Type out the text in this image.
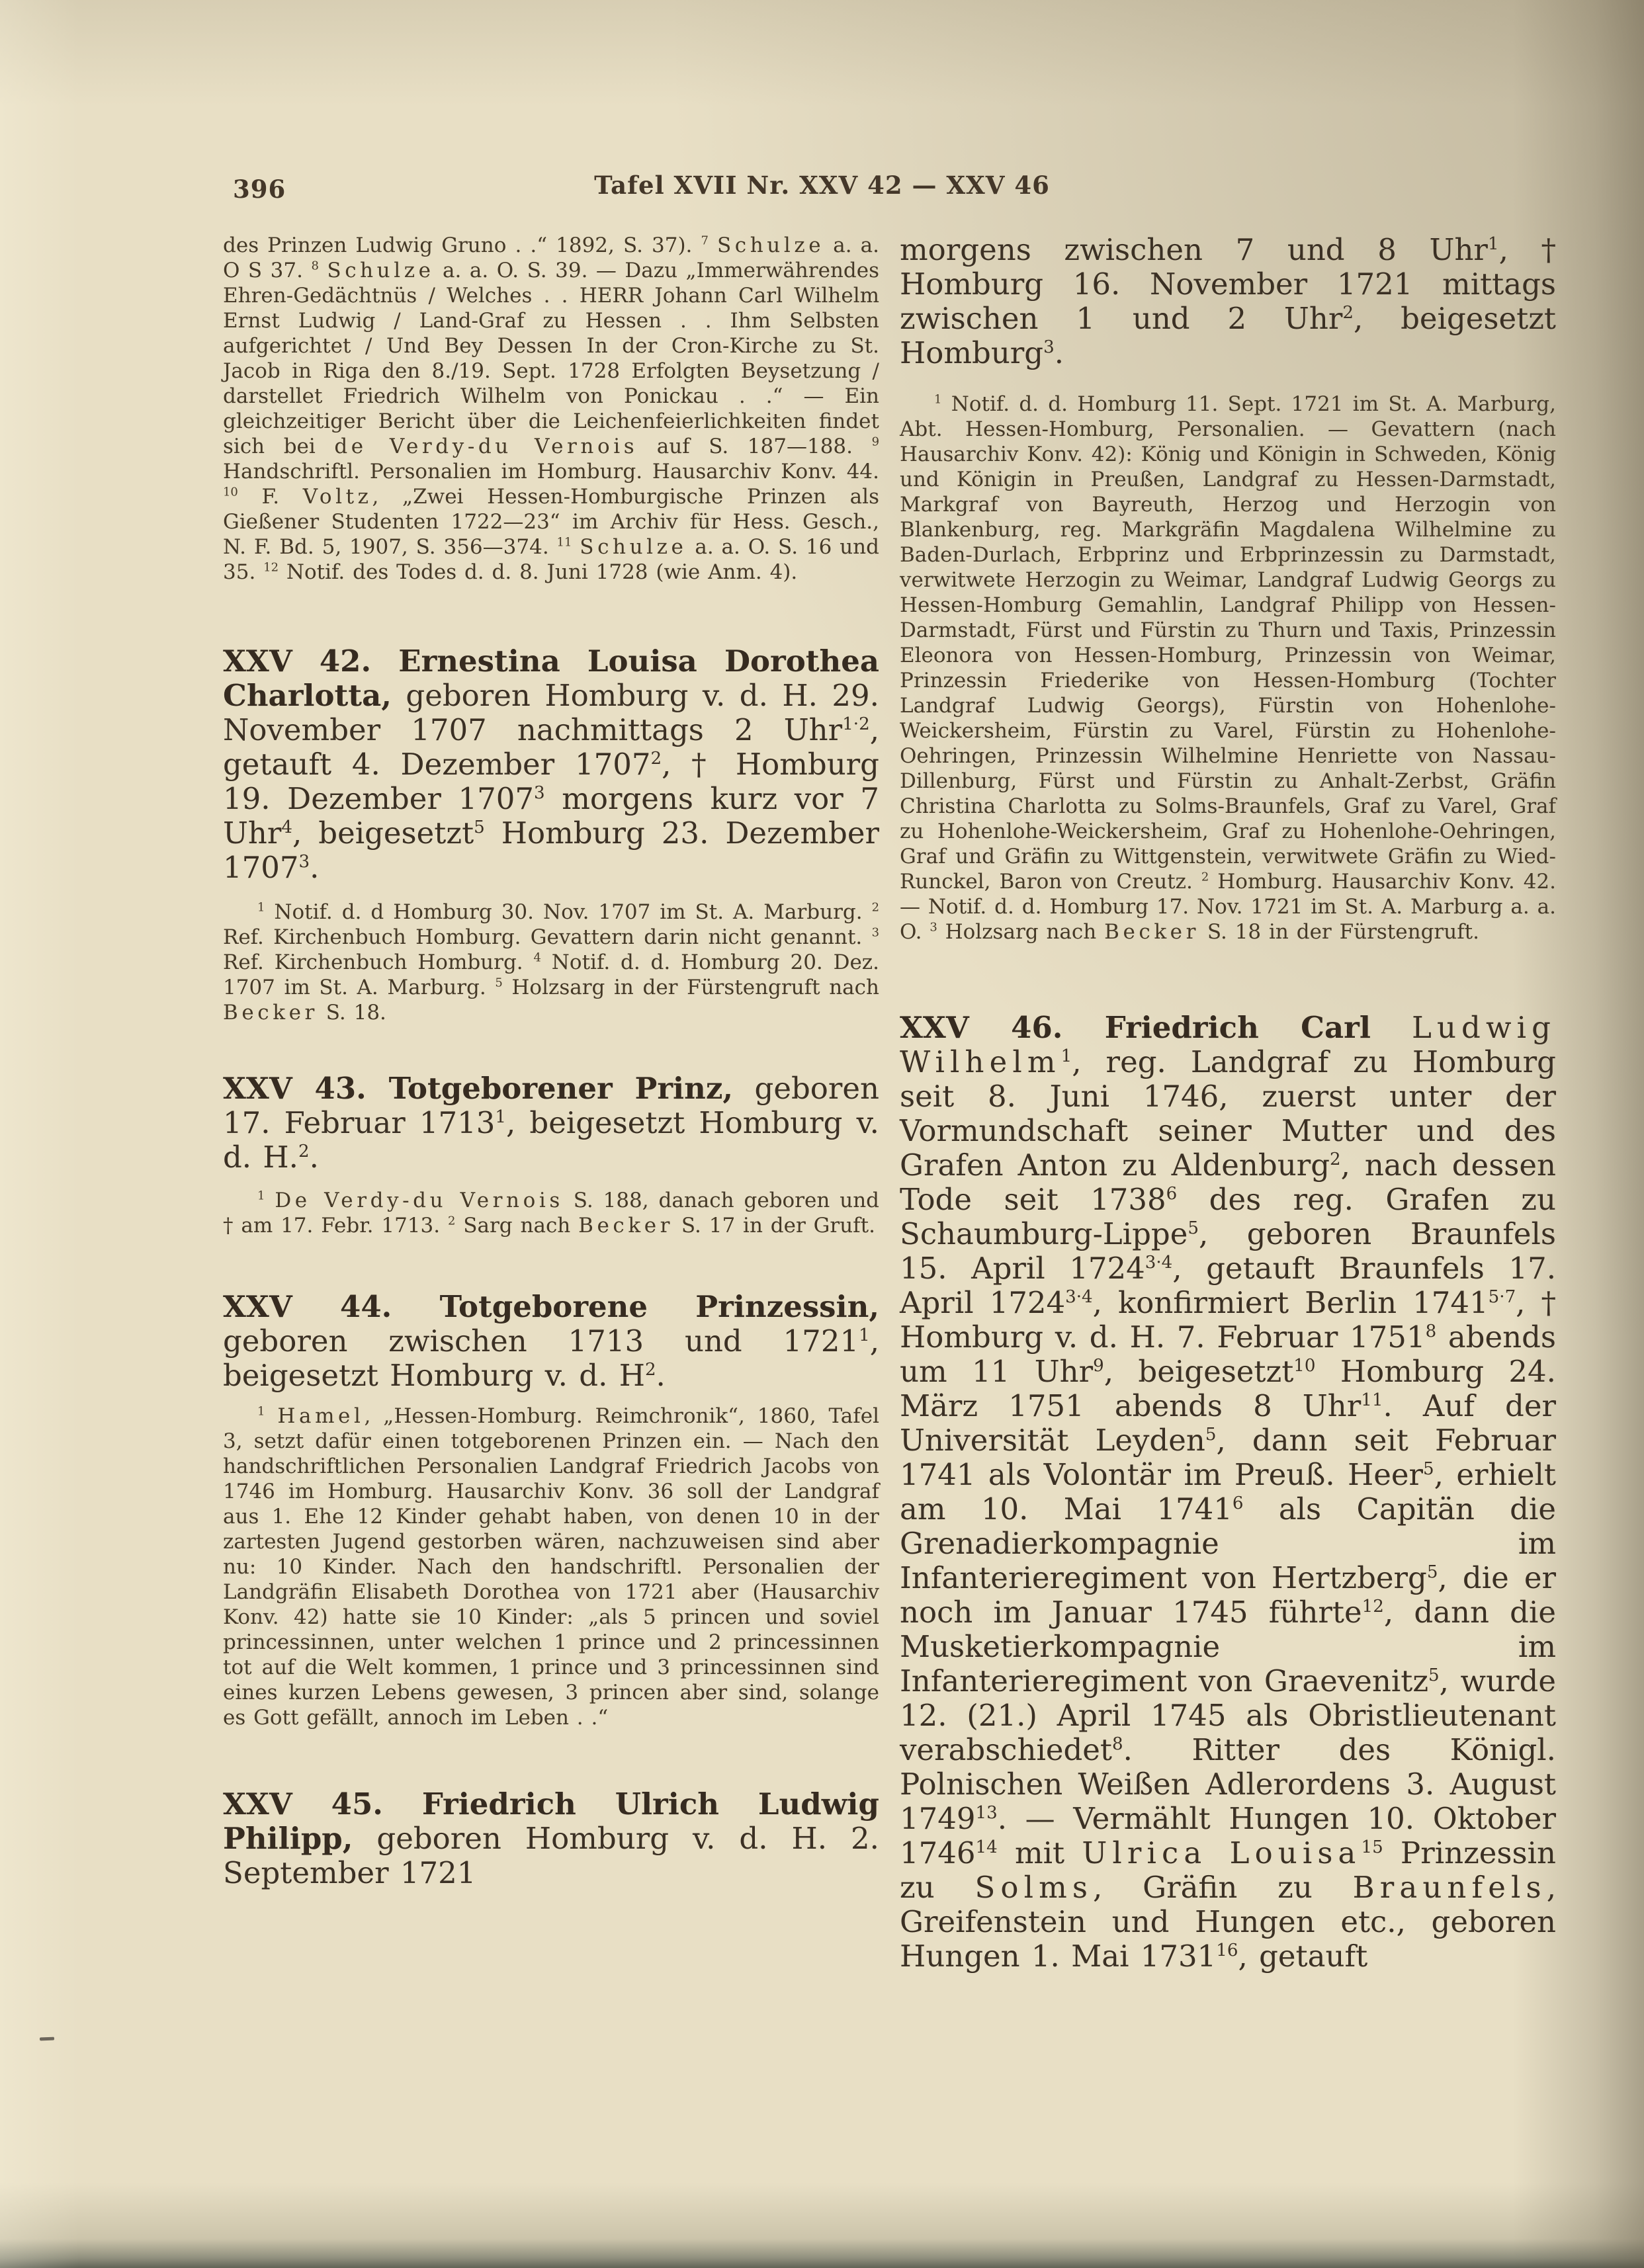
396	Tafel XVII Nr. XXV 42 — XXV 46

des Prinzen Ludwig Gruno . .“ 1892, S. 37). $^7$ Schulze a. a. O S 37. $^8$ Schulze a. a. O. S. 39. — Dazu „Immerwährendes Ehren-Gedächtnüs / Welches . . HERR Johann Carl Wilhelm Ernst Ludwig / Land-Graf zu Hessen . . Ihm Selbsten aufgerichtet / Und Bey Dessen In der Cron-Kirche zu St. Jacob in Riga den 8./19. Sept. 1728 Erfolgten Beysetzung / darstellet Friedrich Wilhelm von Ponickau . .“ — Ein gleichzeitiger Bericht über die Leichenfeierlichkeiten findet sich bei de Verdy-du Vernois auf S. 187—188. $^9$ Handschriftl. Personalien im Homburg. Hausarchiv Konv. 44. $^{10}$ F. Voltz, „Zwei Hessen-Homburgische Prinzen als Gießener Studenten 1722—23“ im Archiv für Hess. Gesch., N. F. Bd. 5, 1907, S. 356—374. $^{11}$ Schulze a. a. O. S. 16 und 35. $^{12}$ Notif. des Todes d. d. 8. Juni 1728 (wie Anm. 4).

XXV 42. Ernestina Louisa Dorothea Charlotta, geboren Homburg v. d. H. 29. November 1707 nachmittags 2 Uhr$^{1\cdot 2}$, getauft 4. Dezember 1707$^2$, † Homburg 19. Dezember 1707$^3$ morgens kurz vor 7 Uhr$^4$, beigesetzt$^5$ Homburg 23. Dezember 1707$^3$.

$^1$ Notif. d. d Homburg 30. Nov. 1707 im St. A. Marburg. $^2$ Ref. Kirchenbuch Homburg. Gevattern darin nicht genannt. $^3$ Ref. Kirchenbuch Homburg. $^4$ Notif. d. d. Homburg 20. Dez. 1707 im St. A. Marburg. $^5$ Holzsarg in der Fürstengruft nach Becker S. 18.

XXV 43. Totgeborener Prinz, geboren 17. Februar 1713$^1$, beigesetzt Homburg v. d. H.$^2$.

$^1$ De Verdy-du Vernois S. 188, danach geboren und † am 17. Febr. 1713. $^2$ Sarg nach Becker S. 17 in der Gruft.

XXV 44. Totgeborene Prinzessin, geboren zwischen 1713 und 1721$^1$, beigesetzt Homburg v. d. $H^2$.

$^1$ Hamel, „Hessen-Homburg. Reimchronik“, 1860, Tafel 3, setzt dafür einen totgeborenen Prinzen ein. — Nach den handschriftlichen Personalien Landgraf Friedrich Jacobs von 1746 im Homburg. Hausarchiv Konv. 36 soll der Landgraf aus 1. Ehe 12 Kinder gehabt haben, von denen 10 in der zartesten Jugend gestorben wären, nachzuweisen sind aber nu: 10 Kinder. Nach den handschriftl. Personalien der Landgräfin Elisabeth Dorothea von 1721 aber (Hausarchiv Konv. 42) hatte sie 10 Kinder: „als 5 princen und soviel princessinnen, unter welchen 1 prince und 2 princessinnen tot auf die Welt kommen, 1 prince und 3 princessinnen sind eines kurzen Lebens gewesen, 3 princen aber sind, solange es Gott gefällt, annoch im Leben . .“

XXV 45. Friedrich Ulrich Ludwig Philipp, geboren Homburg v. d. H. 2. September 1721

morgens zwischen 7 und 8 Uhr$^1$, † Homburg 16. November 1721 mittags zwischen 1 und 2 Uhr$^2$, beigesetzt Homburg$^3$.

$^1$ Notif. d. d. Homburg 11. Sept. 1721 im St. A. Marburg, Abt. Hessen-Homburg, Personalien. — Gevattern (nach Hausarchiv Konv. 42): König und Königin in Schweden, König und Königin in Preußen, Landgraf zu Hessen-Darmstadt, Markgraf von Bayreuth, Herzog und Herzogin von Blankenburg, reg. Markgräfin Magdalena Wilhelmine zu Baden-Durlach, Erbprinz und Erbprinzessin zu Darmstadt, verwitwete Herzogin zu Weimar, Landgraf Ludwig Georgs zu Hessen-Homburg Gemahlin, Landgraf Philipp von Hessen-Darmstadt, Fürst und Fürstin zu Thurn und Taxis, Prinzessin Eleonora von Hessen-Homburg, Prinzessin von Weimar, Prinzessin Friederike von Hessen-Homburg (Tochter Landgraf Ludwig Georgs), Fürstin von Hohenlohe-Weickersheim, Fürstin zu Varel, Fürstin zu Hohenlohe-Oehringen, Prinzessin Wilhelmine Henriette von Nassau-Dillenburg, Fürst und Fürstin zu Anhalt-Zerbst, Gräfin Christina Charlotta zu Solms-Braunfels, Graf zu Varel, Graf zu Hohenlohe-Weickersheim, Graf zu Hohenlohe-Oehringen, Graf und Gräfin zu Wittgenstein, verwitwete Gräfin zu Wied-Runckel, Baron von Creutz. $^2$ Homburg. Hausarchiv Konv. 42. — Notif. d. d. Homburg 17. Nov. 1721 im St. A. Marburg a. a. O. $^3$ Holzsarg nach Becker S. 18 in der Fürstengruft.

XXV 46. Friedrich Carl Ludwig Wilhelm$^1$, reg. Landgraf zu Homburg seit 8. Juni 1746, zuerst unter der Vormundschaft seiner Mutter und des Grafen Anton zu Aldenburg$^2$, nach dessen Tode seit 1738$^6$ des reg. Grafen zu Schaumburg-Lippe$^5$, geboren Braunfels 15. April $1724^{3\cdot 4}$, getauft Braunfels 17. April $1724^{3\cdot 4}$, konfirmiert Berlin $1741^{5\cdot 7}$, † Homburg v. d. H. 7. Februar 1751$^8$ abends um 11 Uhr$^9$, beigesetzt$^{10}$ Homburg 24. März 1751 abends 8 Uhr$^{11}$. Auf der Universität Leyden$^5$, dann seit Februar 1741 als Volontär im Preuß. Heer$^5$, erhielt am 10. Mai 1741$^6$ als Capitän die Grenadierkompagnie im Infanterieregiment von Hertzberg$^5$, die er noch im Januar 1745 führte$^{12}$, dann die Musketierkompagnie im Infanterieregiment von Graevenitz$^5$, wurde 12. (21.) April 1745 als Obristlieutenant verabschiedet$^8$. Ritter des Königl. Polnischen Weißen Adlerordens 3. August 1749$^{13}$. — Vermählt Hungen 10. Oktober 1746$^{14}$ mit Ulrica Louisa$^{15}$ Prinzessin zu Solms, Gräfin zu Braunfels, Greifenstein und Hungen etc., geboren Hungen 1. Mai 1731$^{16}$, getauft
